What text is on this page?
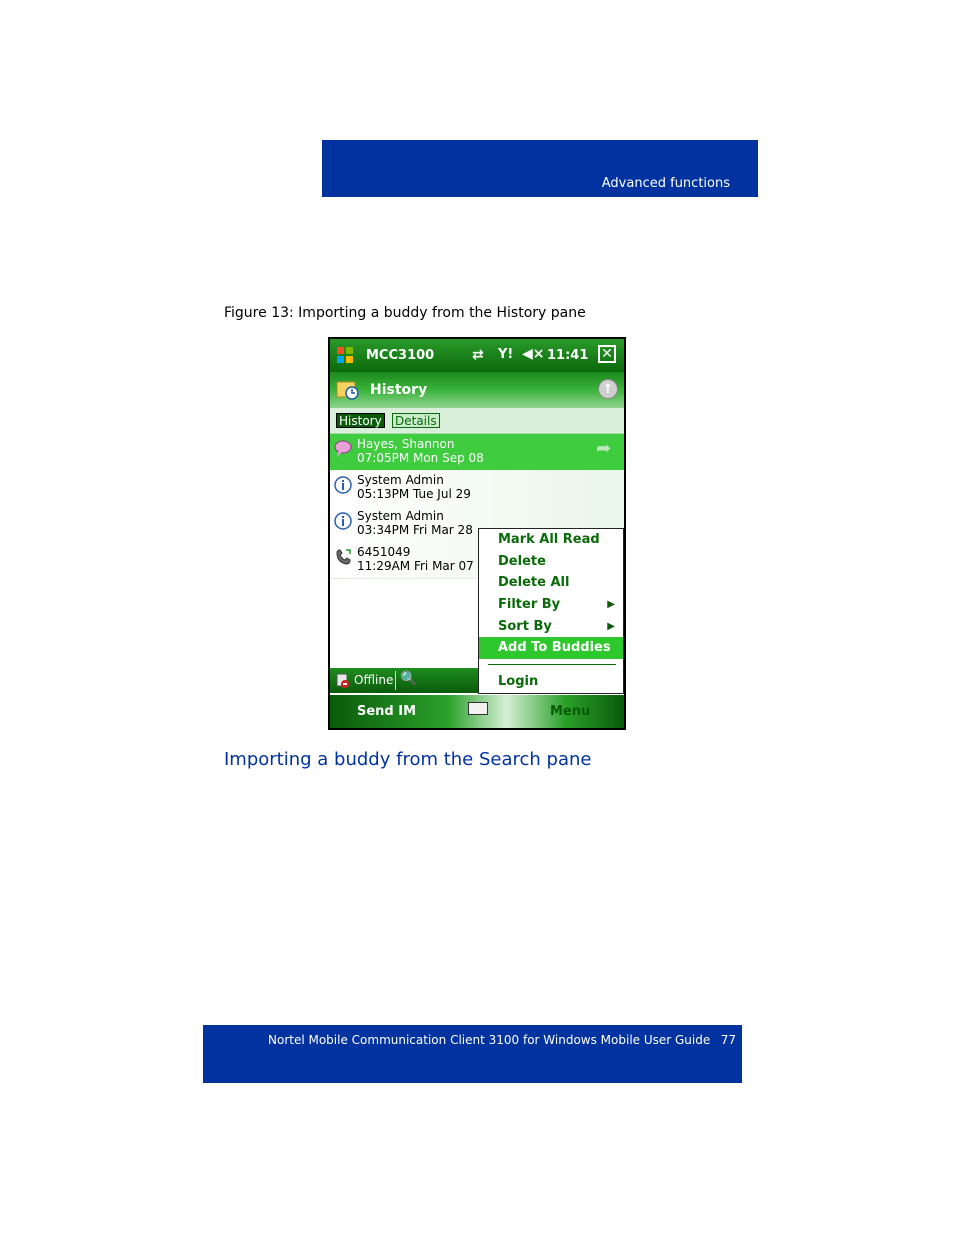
Advanced functions
Figure 13: Importing a buddy from the History pane
MCC3100	⇄ Y! ◀× 11:41 ✕
History	↑
History Details
Hayes, Shannon
07:05PM Mon Sep 08	➦
System Admin
05:13PM Tue Jul 29
System Admin
03:34PM Fri Mar 28
6451049
11:29AM Fri Mar 07
Offline 🔍
Send IM	Menu
Mark All Read
Delete
Delete All
Filter By	▶
Sort By	▶
Add To Buddies
Login
Importing a buddy from the Search pane
Nortel Mobile Communication Client 3100 for Windows Mobile User Guide 77
